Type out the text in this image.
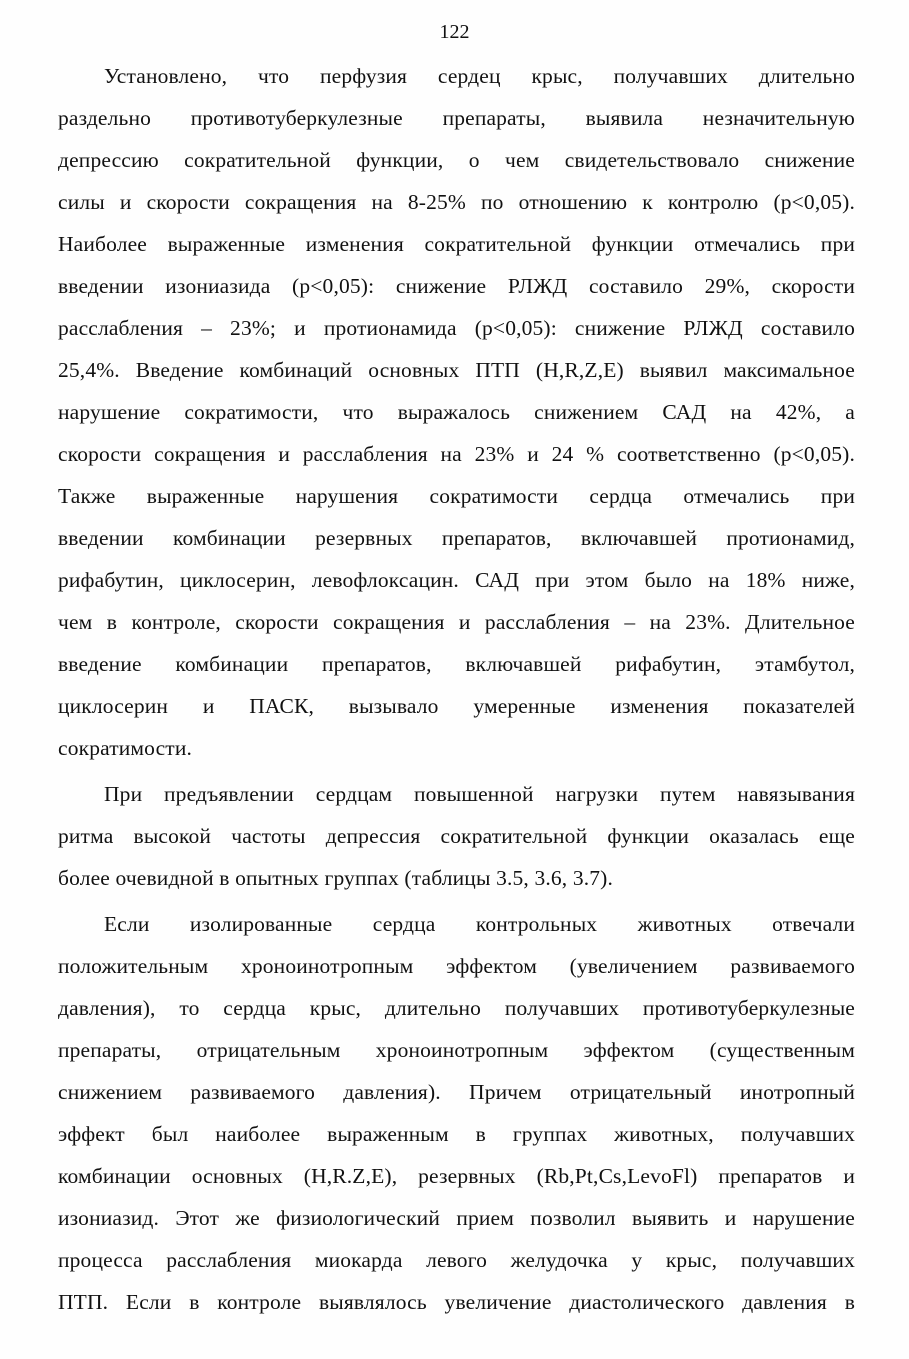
122
Установлено, что перфузия сердец крыс, получавших длительно
раздельно противотуберкулезные препараты, выявила незначительную
депрессию сократительной функции, о чем свидетельствовало снижение
силы и скорости сокращения на 8-25% по отношению к контролю (p<0,05).
Наиболее выраженные изменения сократительной функции отмечались при
введении изониазида (p<0,05): снижение РЛЖД составило 29%, скорости
расслабления – 23%; и протионамида (p<0,05): снижение РЛЖД составило
25,4%. Введение комбинаций основных ПТП (H,R,Z,E) выявил максимальное
нарушение сократимости, что выражалось снижением САД на 42%, а
скорости сокращения и расслабления на 23% и 24 % соответственно (p<0,05).
Также выраженные нарушения сократимости сердца отмечались при
введении комбинации резервных препаратов, включавшей протионамид,
рифабутин, циклосерин, левофлоксацин. САД при этом было на 18% ниже,
чем в контроле, скорости сокращения и расслабления – на 23%. Длительное
введение комбинации препаратов, включавшей рифабутин, этамбутол,
циклосерин и ПАСК, вызывало умеренные изменения показателей
сократимости.
При предъявлении сердцам повышенной нагрузки путем навязывания
ритма высокой частоты депрессия сократительной функции оказалась еще
более очевидной в опытных группах (таблицы 3.5, 3.6, 3.7).
Если изолированные сердца контрольных животных отвечали
положительным хроноинотропным эффектом (увеличением развиваемого
давления), то сердца крыс, длительно получавших противотуберкулезные
препараты, отрицательным хроноинотропным эффектом (существенным
снижением развиваемого давления). Причем отрицательный инотропный
эффект был наиболее выраженным в группах животных, получавших
комбинации основных (H,R.Z,E), резервных (Rb,Pt,Cs,LevoFl) препаратов и
изониазид. Этот же физиологический прием позволил выявить и нарушение
процесса расслабления миокарда левого желудочка у крыс, получавших
ПТП. Если в контроле выявлялось увеличение диастолического давления в
